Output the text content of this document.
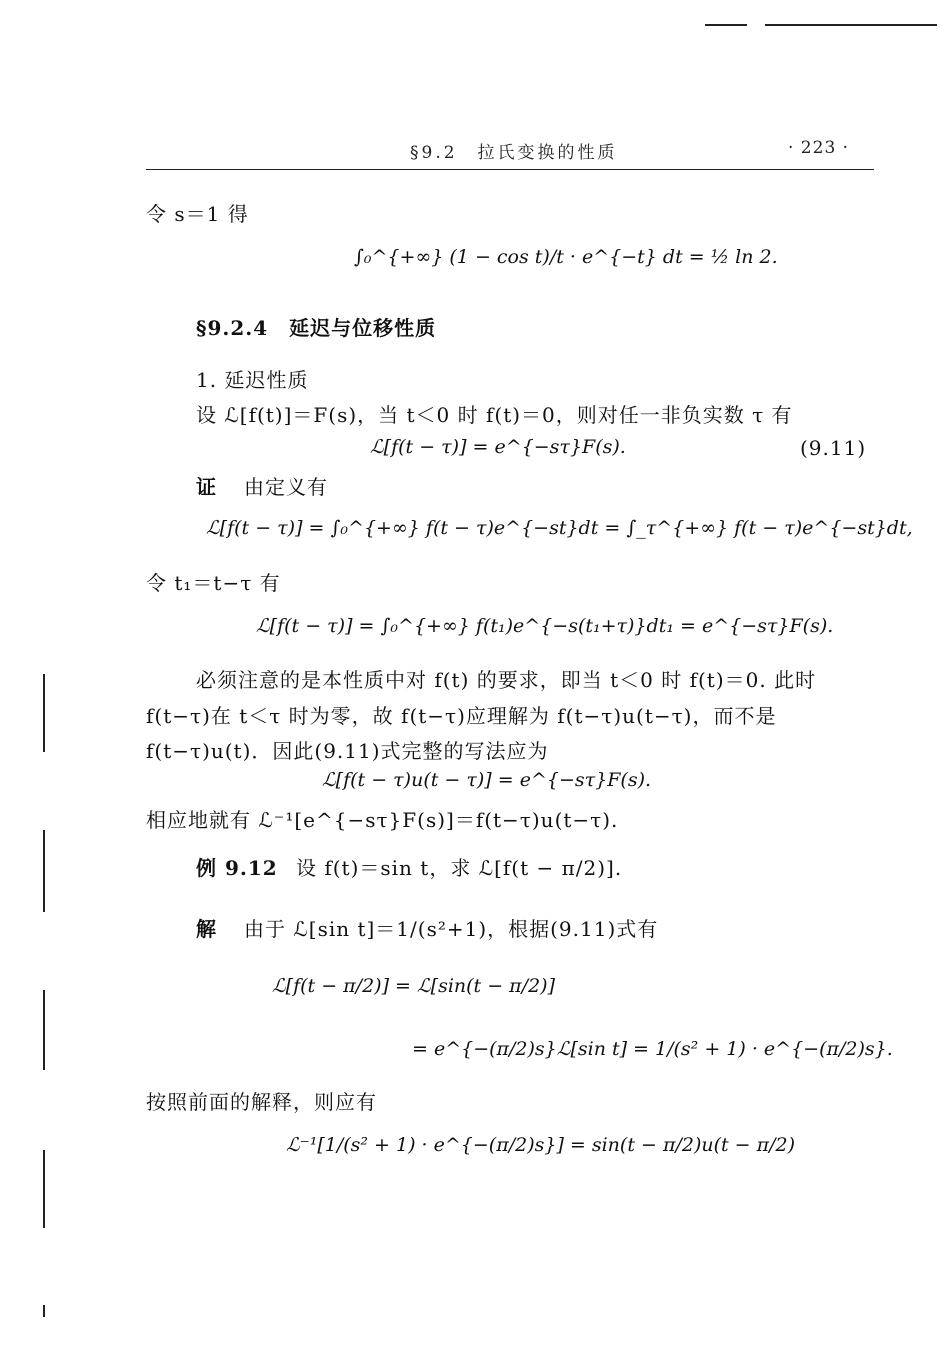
§9.2　拉氏变换的性质	· 223 ·
令 s＝1 得
∫₀^{+∞} (1 − cos t)/t · e^{−t} dt = ½ ln 2.
§9.2.4　延迟与位移性质
1. 延迟性质
设 ℒ[f(t)]＝F(s)，当 t＜0 时 f(t)＝0，则对任一非负实数 τ 有
ℒ[f(t − τ)] = e^{−sτ}F(s).	(9.11)
证 由定义有
ℒ[f(t − τ)] = ∫₀^{+∞} f(t − τ)e^{−st}dt = ∫_τ^{+∞} f(t − τ)e^{−st}dt,
令 t₁＝t−τ 有
ℒ[f(t − τ)] = ∫₀^{+∞} f(t₁)e^{−s(t₁+τ)}dt₁ = e^{−sτ}F(s).
必须注意的是本性质中对 f(t) 的要求，即当 t＜0 时 f(t)＝0. 此时
f(t−τ)在 t＜τ 时为零，故 f(t−τ)应理解为 f(t−τ)u(t−τ)，而不是
f(t−τ)u(t)．因此(9.11)式完整的写法应为
ℒ[f(t − τ)u(t − τ)] = e^{−sτ}F(s).
相应地就有 ℒ⁻¹[e^{−sτ}F(s)]＝f(t−τ)u(t−τ).
例 9.12 设 f(t)＝sin t，求 ℒ[f(t − π/2)].
解 由于 ℒ[sin t]＝1/(s²+1)，根据(9.11)式有
ℒ[f(t − π/2)] = ℒ[sin(t − π/2)]
= e^{−(π/2)s}ℒ[sin t] = 1/(s² + 1) · e^{−(π/2)s}.
按照前面的解释，则应有
ℒ⁻¹[1/(s² + 1) · e^{−(π/2)s}] = sin(t − π/2)u(t − π/2)
